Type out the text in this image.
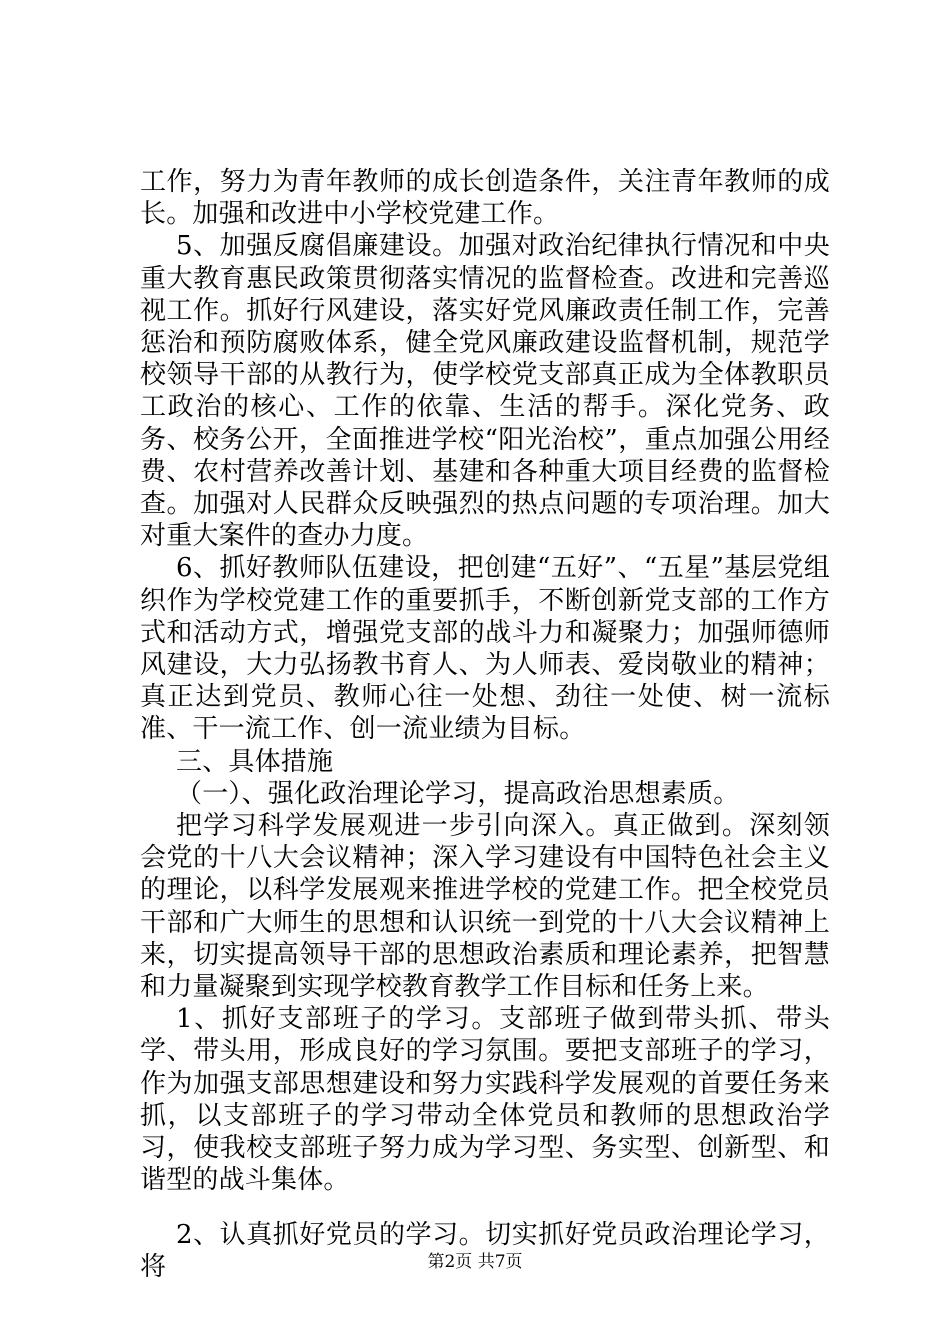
工作，努力为青年教师的成长创造条件，关注青年教师的成长。加强和改进中小学校党建工作。

5、加强反腐倡廉建设。加强对政治纪律执行情况和中央重大教育惠民政策贯彻落实情况的监督检查。改进和完善巡视工作。抓好行风建设，落实好党风廉政责任制工作，完善惩治和预防腐败体系，健全党风廉政建设监督机制，规范学校领导干部的从教行为，使学校党支部真正成为全体教职员工政治的核心、工作的依靠、生活的帮手。深化党务、政务、校务公开，全面推进学校“阳光治校”，重点加强公用经费、农村营养改善计划、基建和各种重大项目经费的监督检查。加强对人民群众反映强烈的热点问题的专项治理。加大对重大案件的查办力度。

6、抓好教师队伍建设，把创建“五好”、“五星”基层党组织作为学校党建工作的重要抓手，不断创新党支部的工作方式和活动方式，增强党支部的战斗力和凝聚力；加强师德师风建设，大力弘扬教书育人、为人师表、爱岗敬业的精神；真正达到党员、教师心往一处想、劲往一处使、树一流标准、干一流工作、创一流业绩为目标。

三、具体措施

（一）、强化政治理论学习，提高政治思想素质。

把学习科学发展观进一步引向深入。真正做到。深刻领会党的十八大会议精神；深入学习建设有中国特色社会主义的理论，以科学发展观来推进学校的党建工作。把全校党员干部和广大师生的思想和认识统一到党的十八大会议精神上来，切实提高领导干部的思想政治素质和理论素养，把智慧和力量凝聚到实现学校教育教学工作目标和任务上来。

1、抓好支部班子的学习。支部班子做到带头抓、带头学、带头用，形成良好的学习氛围。要把支部班子的学习，作为加强支部思想建设和努力实践科学发展观的首要任务来抓，以支部班子的学习带动全体党员和教师的思想政治学习，使我校支部班子努力成为学习型、务实型、创新型、和谐型的战斗集体。

2、认真抓好党员的学习。切实抓好党员政治理论学习，将	第2页 共7页
